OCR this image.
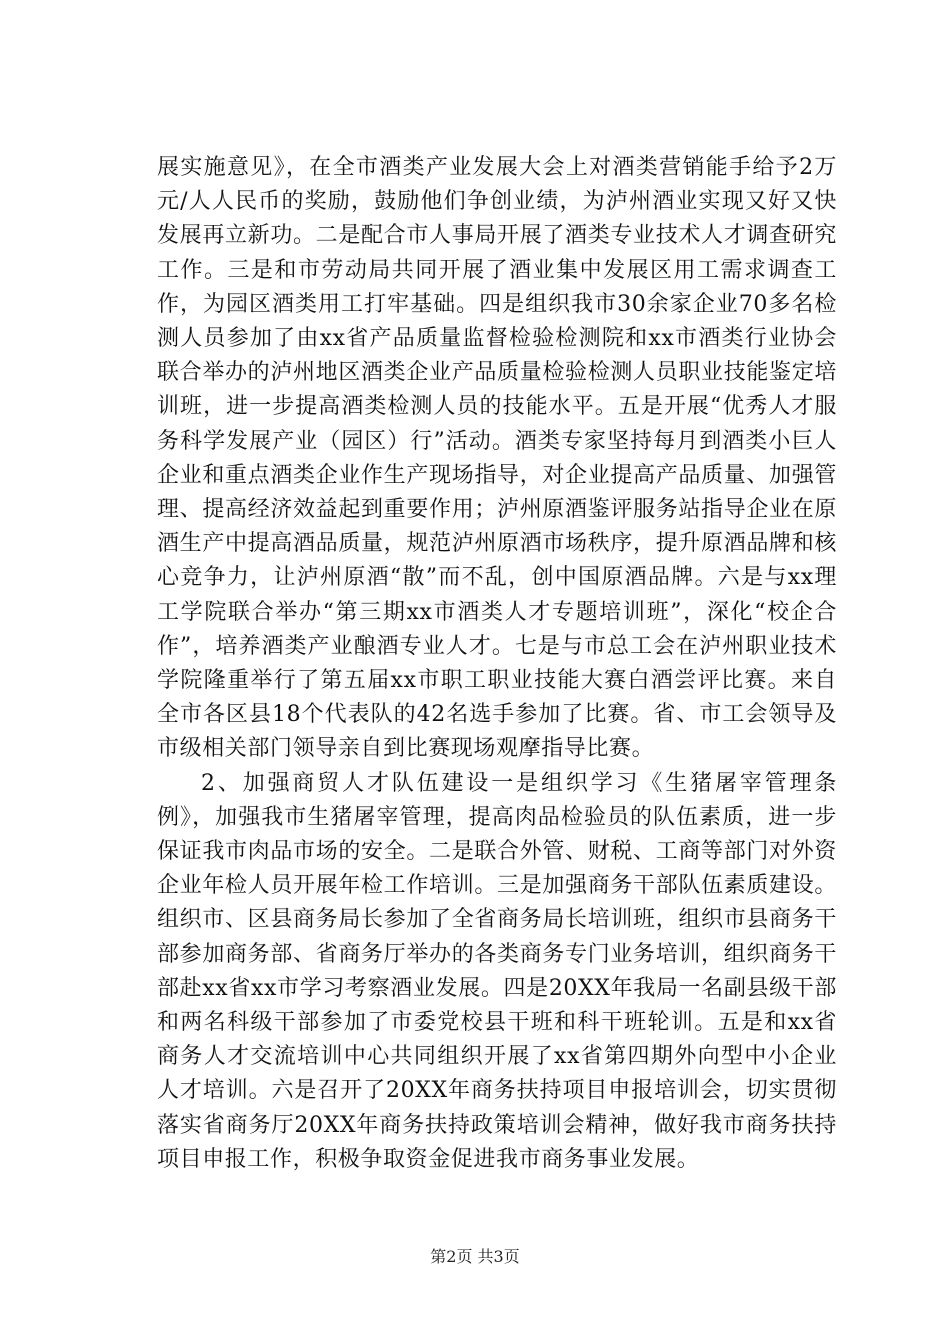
展实施意见》，在全市酒类产业发展大会上对酒类营销能手给予2万元/人人民币的奖励，鼓励他们争创业绩，为泸州酒业实现又好又快发展再立新功。二是配合市人事局开展了酒类专业技术人才调查研究工作。三是和市劳动局共同开展了酒业集中发展区用工需求调查工作，为园区酒类用工打牢基础。四是组织我市30余家企业70多名检测人员参加了由xx省产品质量监督检验检测院和xx市酒类行业协会联合举办的泸州地区酒类企业产品质量检验检测人员职业技能鉴定培训班，进一步提高酒类检测人员的技能水平。五是开展“优秀人才服务科学发展产业（园区）行”活动。酒类专家坚持每月到酒类小巨人企业和重点酒类企业作生产现场指导，对企业提高产品质量、加强管理、提高经济效益起到重要作用；泸州原酒鉴评服务站指导企业在原酒生产中提高酒品质量，规范泸州原酒市场秩序，提升原酒品牌和核心竞争力，让泸州原酒“散”而不乱，创中国原酒品牌。六是与xx理工学院联合举办“第三期xx市酒类人才专题培训班”，深化“校企合作”，培养酒类产业酿酒专业人才。七是与市总工会在泸州职业技术学院隆重举行了第五届xx市职工职业技能大赛白酒尝评比赛。来自全市各区县18个代表队的42名选手参加了比赛。省、市工会领导及市级相关部门领导亲自到比赛现场观摩指导比赛。

2、加强商贸人才队伍建设一是组织学习《生猪屠宰管理条例》，加强我市生猪屠宰管理，提高肉品检验员的队伍素质，进一步保证我市肉品市场的安全。二是联合外管、财税、工商等部门对外资企业年检人员开展年检工作培训。三是加强商务干部队伍素质建设。组织市、区县商务局长参加了全省商务局长培训班，组织市县商务干部参加商务部、省商务厅举办的各类商务专门业务培训，组织商务干部赴xx省xx市学习考察酒业发展。四是20XX年我局一名副县级干部和两名科级干部参加了市委党校县干班和科干班轮训。五是和xx省商务人才交流培训中心共同组织开展了xx省第四期外向型中小企业人才培训。六是召开了20XX年商务扶持项目申报培训会，切实贯彻落实省商务厅20XX年商务扶持政策培训会精神，做好我市商务扶持项目申报工作，积极争取资金促进我市商务事业发展。

第2页 共3页
